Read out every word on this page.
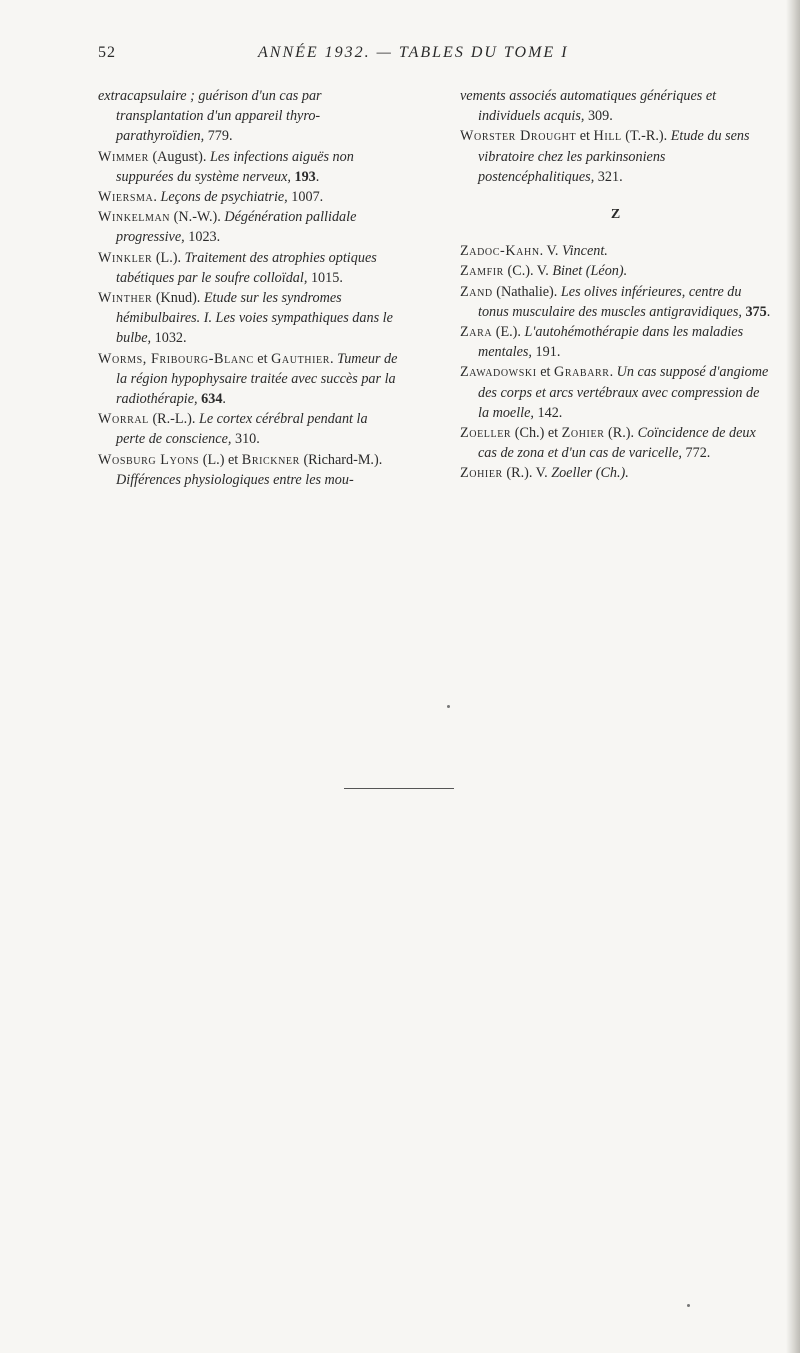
52	ANNÉE 1932. — TABLES DU TOME I

extracapsulaire ; guérison d'un cas par transplantation d'un appareil thyro-parathyroïdien, 779.

Wimmer (August). Les infections aiguës non suppurées du système nerveux, 193.

Wiersma. Leçons de psychiatrie, 1007.

Winkelman (N.-W.). Dégénération pallidale progressive, 1023.

Winkler (L.). Traitement des atrophies optiques tabétiques par le soufre colloïdal, 1015.

Winther (Knud). Etude sur les syndromes hémibulbaires. I. Les voies sympathiques dans le bulbe, 1032.

Worms, Fribourg-Blanc et Gauthier. Tumeur de la région hypophysaire traitée avec succès par la radiothérapie, 634.

Worral (R.-L.). Le cortex cérébral pendant la perte de conscience, 310.

Wosburg Lyons (L.) et Brickner (Richard-M.). Différences physiologiques entre les mou-

vements associés automatiques génériques et individuels acquis, 309.

Worster Drought et Hill (T.-R.). Etude du sens vibratoire chez les parkinsoniens postencéphalitiques, 321.

Z

Zadoc-Kahn. V. Vincent.

Zamfir (C.). V. Binet (Léon).

Zand (Nathalie). Les olives inférieures, centre du tonus musculaire des muscles antigravidiques, 375.

Zara (E.). L'autohémothérapie dans les maladies mentales, 191.

Zawadowski et Grabarr. Un cas supposé d'angiome des corps et arcs vertébraux avec compression de la moelle, 142.

Zoeller (Ch.) et Zohier (R.). Coïncidence de deux cas de zona et d'un cas de varicelle, 772.

Zohier (R.). V. Zoeller (Ch.).
